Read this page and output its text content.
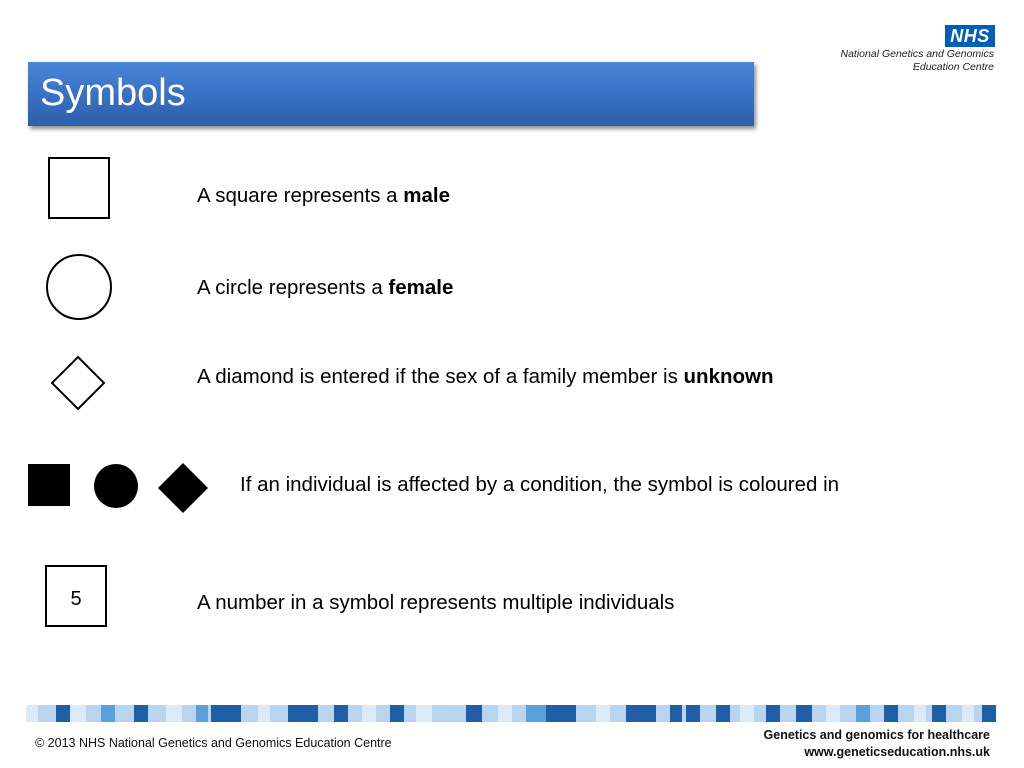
NHS
National Genetics and Genomics
Education Centre
Symbols
A square represents a male
A circle represents a female
A diamond is entered if the sex of a family member is unknown
If an individual is affected by a condition, the symbol is coloured in
5	A number in a symbol represents multiple individuals
© 2013 NHS National Genetics and Genomics Education Centre
Genetics and genomics for healthcare
www.geneticseducation.nhs.uk
